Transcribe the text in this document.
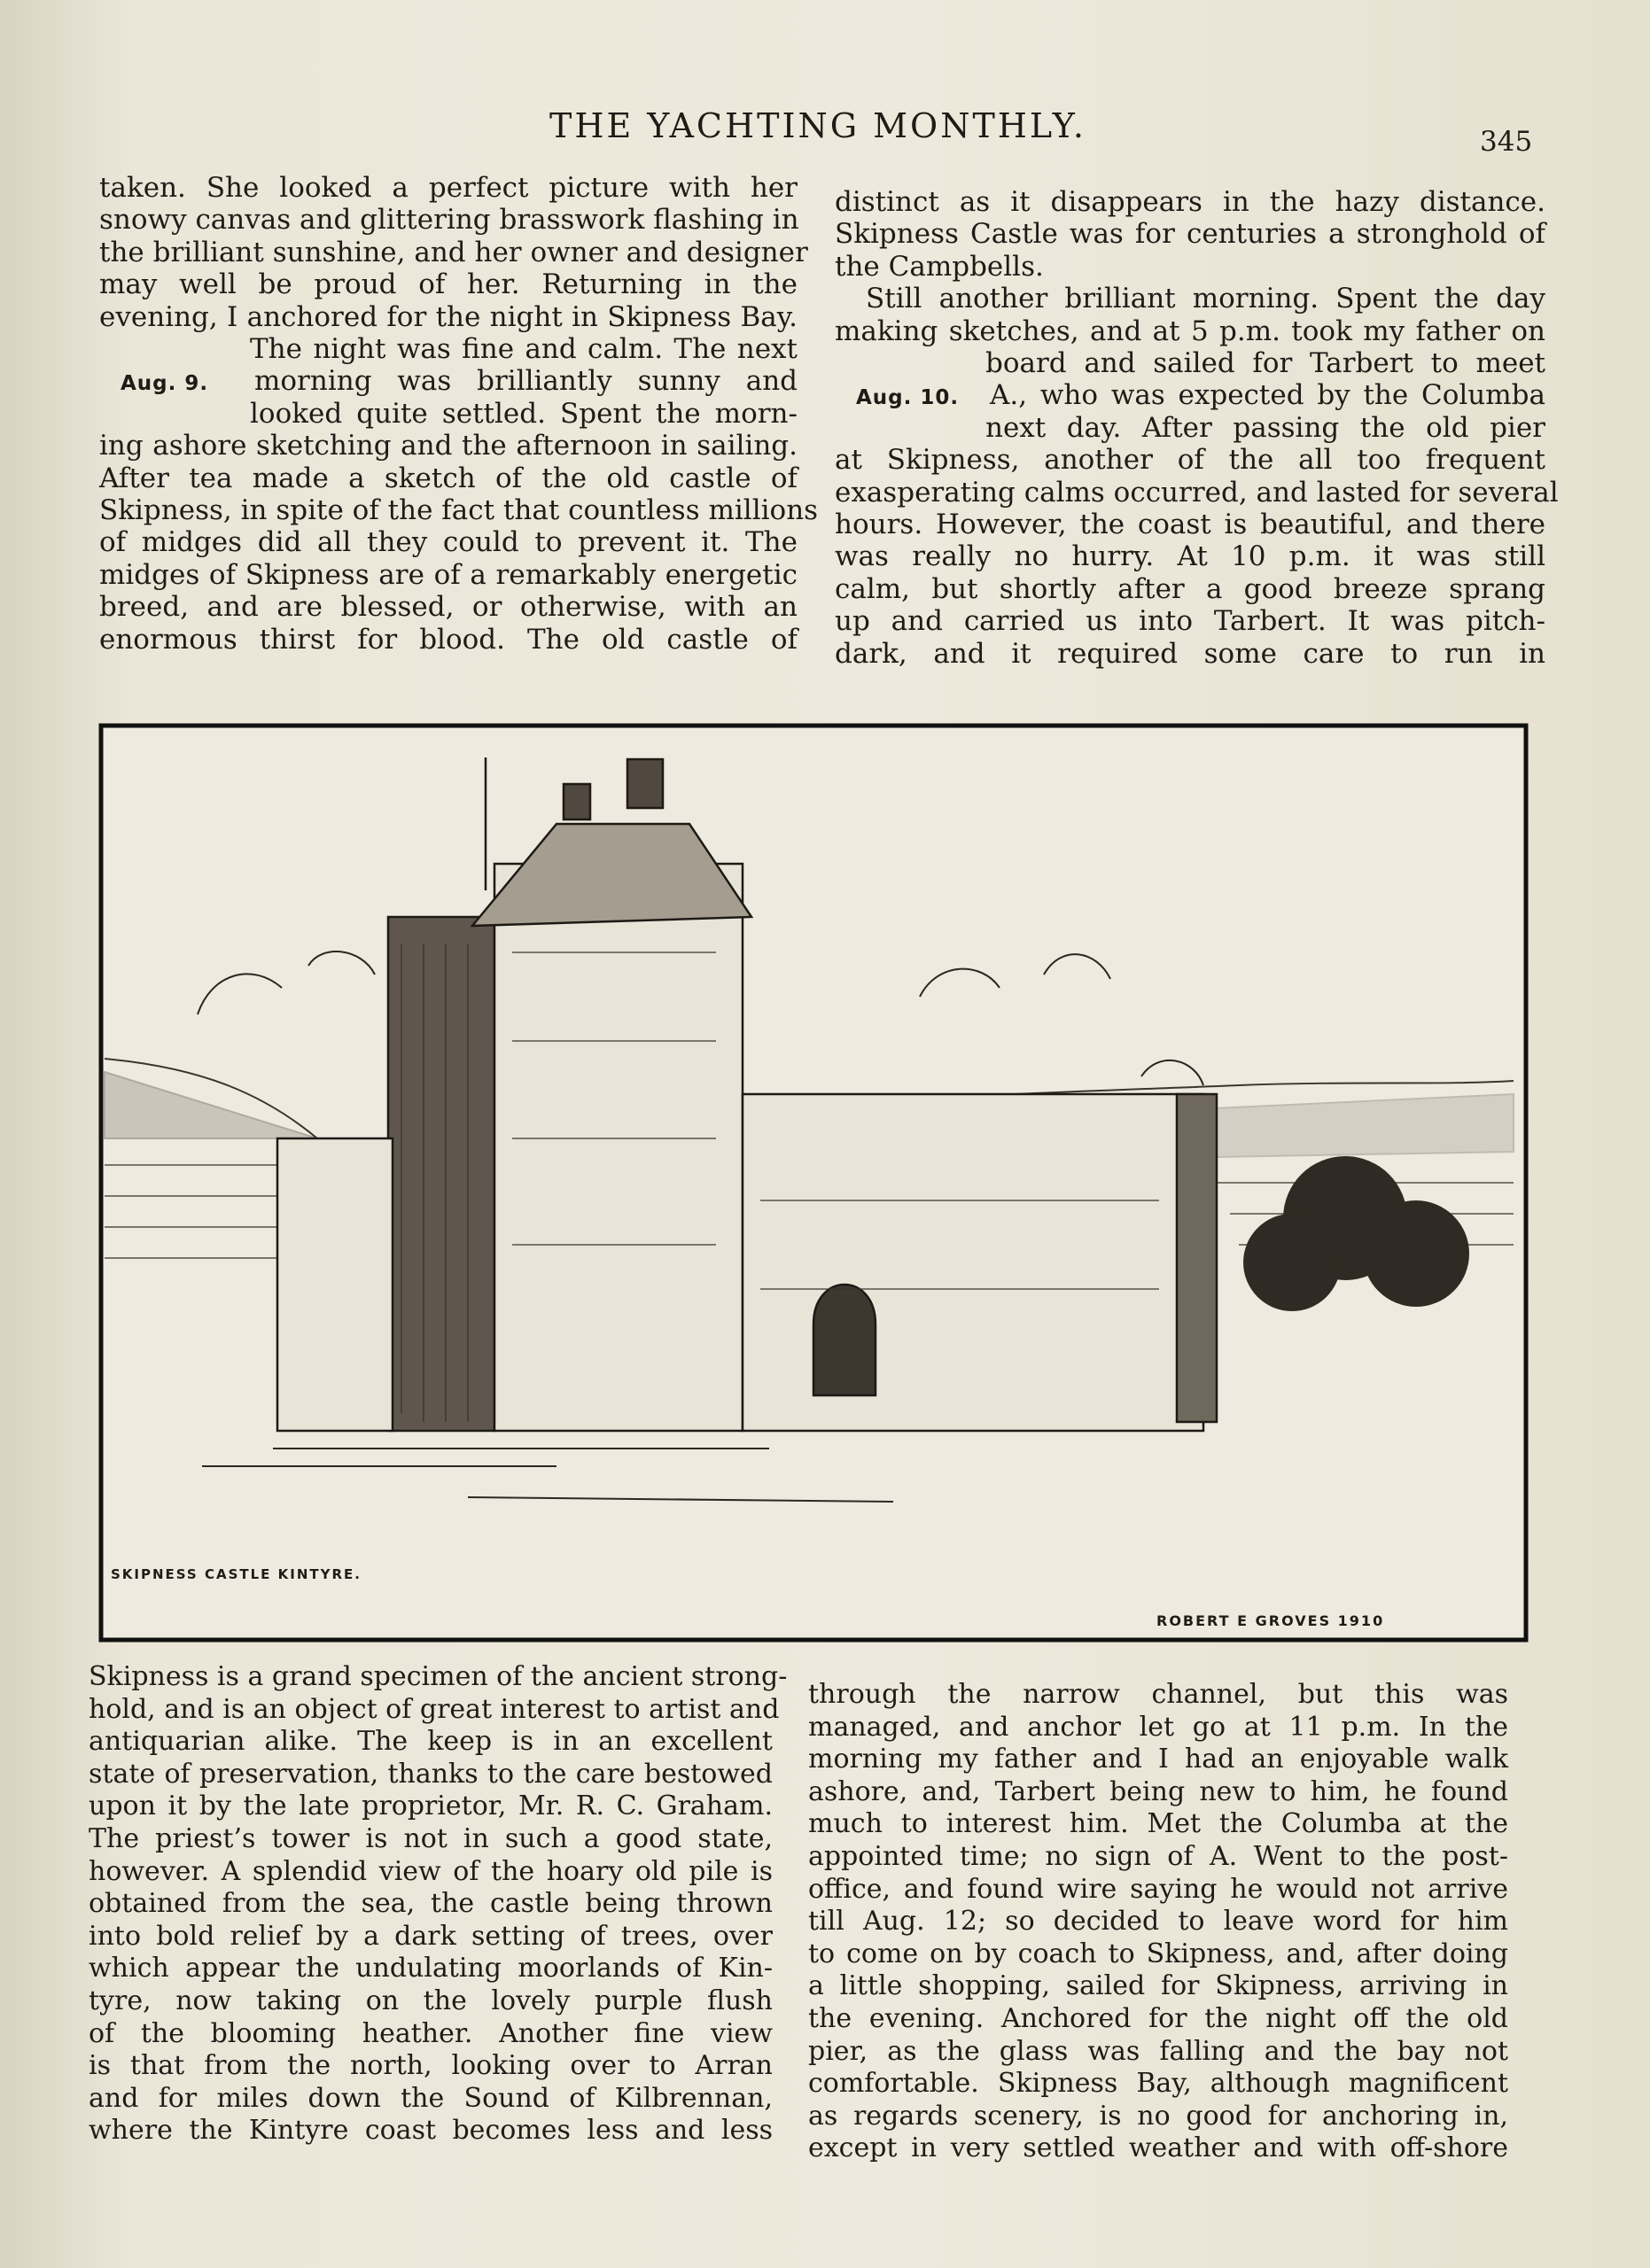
THE YACHTING MONTHLY.	345
taken. She looked a perfect picture with her
snowy canvas and glittering brasswork flashing in
the brilliant sunshine, and her owner and designer
may well be proud of her. Returning in the
evening, I anchored for the night in Skipness Bay.
The night was fine and calm. The next
Aug. 9. morning was brilliantly sunny and
looked quite settled. Spent the morn-
ing ashore sketching and the afternoon in sailing.
After tea made a sketch of the old castle of
Skipness, in spite of the fact that countless millions
of midges did all they could to prevent it. The
midges of Skipness are of a remarkably energetic
breed, and are blessed, or otherwise, with an
enormous thirst for blood. The old castle of
distinct as it disappears in the hazy distance.
Skipness Castle was for centuries a stronghold of
the Campbells.
Still another brilliant morning. Spent the day
making sketches, and at 5 p.m. took my father on
board and sailed for Tarbert to meet
Aug. 10. A., who was expected by the Columba
next day. After passing the old pier
at Skipness, another of the all too frequent
exasperating calms occurred, and lasted for several
hours. However, the coast is beautiful, and there
was really no hurry. At 10 p.m. it was still
calm, but shortly after a good breeze sprang
up and carried us into Tarbert. It was pitch-
dark, and it required some care to run in
SKIPNESS CASTLE KINTYRE.
ROBERT E GROVES 1910
Skipness is a grand specimen of the ancient strong-
hold, and is an object of great interest to artist and
antiquarian alike. The keep is in an excellent
state of preservation, thanks to the care bestowed
upon it by the late proprietor, Mr. R. C. Graham.
The priest’s tower is not in such a good state,
however. A splendid view of the hoary old pile is
obtained from the sea, the castle being thrown
into bold relief by a dark setting of trees, over
which appear the undulating moorlands of Kin-
tyre, now taking on the lovely purple flush
of the blooming heather. Another fine view
is that from the north, looking over to Arran
and for miles down the Sound of Kilbrennan,
where the Kintyre coast becomes less and less
through the narrow channel, but this was
managed, and anchor let go at 11 p.m. In the
morning my father and I had an enjoyable walk
ashore, and, Tarbert being new to him, he found
much to interest him. Met the Columba at the
appointed time; no sign of A. Went to the post-
office, and found wire saying he would not arrive
till Aug. 12; so decided to leave word for him
to come on by coach to Skipness, and, after doing
a little shopping, sailed for Skipness, arriving in
the evening. Anchored for the night off the old
pier, as the glass was falling and the bay not
comfortable. Skipness Bay, although magnificent
as regards scenery, is no good for anchoring in,
except in very settled weather and with off-shore
